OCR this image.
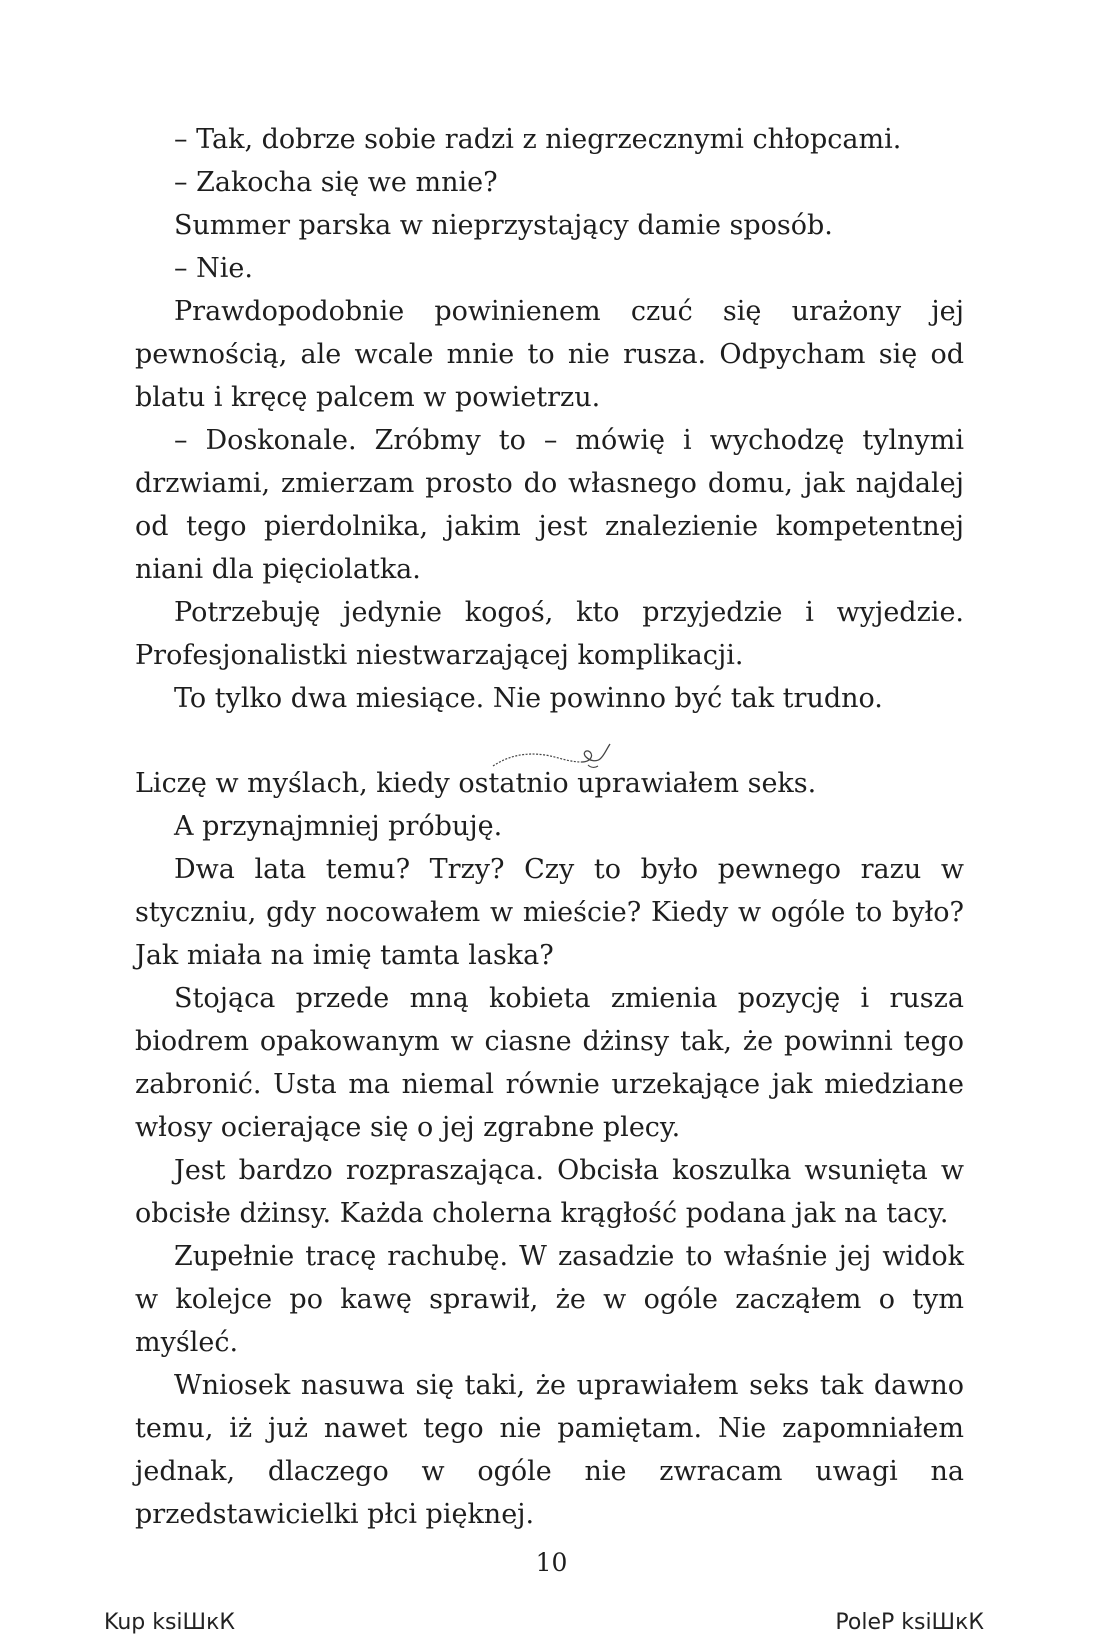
– Tak, dobrze sobie radzi z niegrzecznymi chłopcami.

– Zakocha się we mnie?

Summer parska w nieprzystający damie sposób.

– Nie.

Prawdopodobnie powinienem czuć się urażony jej pewnością, ale wcale mnie to nie rusza. Odpycham się od blatu i kręcę palcem w powietrzu.

– Doskonale. Zróbmy to – mówię i wychodzę tylnymi drzwiami, zmierzam prosto do własnego domu, jak najdalej od tego pierdolnika, jakim jest znalezienie kompetentnej niani dla pięciolatka.

Potrzebuję jedynie kogoś, kto przyjedzie i wyjedzie. Profesjonalistki niestwarzającej komplikacji.

To tylko dwa miesiące. Nie powinno być tak trudno.

Liczę w myślach, kiedy ostatnio uprawiałem seks.

A przynajmniej próbuję.

Dwa lata temu? Trzy? Czy to było pewnego razu w styczniu, gdy nocowałem w mieście? Kiedy w ogóle to było? Jak miała na imię tamta laska?

Stojąca przede mną kobieta zmienia pozycję i rusza biodrem opakowanym w ciasne dżinsy tak, że powinni tego zabronić. Usta ma niemal równie urzekające jak miedziane włosy ocierające się o jej zgrabne plecy.

Jest bardzo rozpraszająca. Obcisła koszulka wsunięta w obcisłe dżinsy. Każda cholerna krągłość podana jak na tacy.

Zupełnie tracę rachubę. W zasadzie to właśnie jej widok w kolejce po kawę sprawił, że w ogóle zacząłem o tym myśleć.

Wniosek nasuwa się taki, że uprawiałem seks tak dawno temu, iż już nawet tego nie pamiętam. Nie zapomniałem jednak, dlaczego w ogóle nie zwracam uwagi na przedstawicielki płci pięknej.

10
Kup ksiШкК	PoleP ksiШкК
